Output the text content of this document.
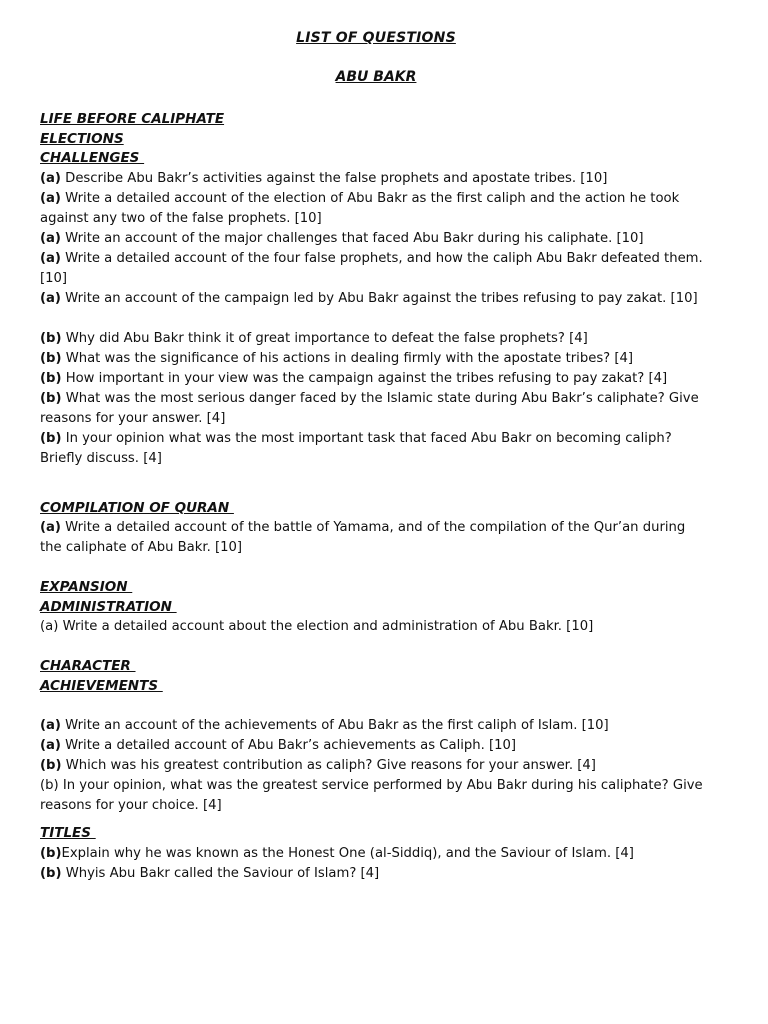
LIST OF QUESTIONS
ABU BAKR
LIFE BEFORE CALIPHATE
ELECTIONS
CHALLENGES
(a) Describe Abu Bakr’s activities against the false prophets and apostate tribes. [10]
(a) Write a detailed account of the election of Abu Bakr as the first caliph and the action he took against any two of the false prophets. [10]
(a) Write an account of the major challenges that faced Abu Bakr during his caliphate. [10]
(a) Write a detailed account of the four false prophets, and how the caliph Abu Bakr defeated them. [10]
(a) Write an account of the campaign led by Abu Bakr against the tribes refusing to pay zakat. [10]
(b) Why did Abu Bakr think it of great importance to defeat the false prophets? [4]
(b) What was the significance of his actions in dealing firmly with the apostate tribes? [4]
(b) How important in your view was the campaign against the tribes refusing to pay zakat? [4]
(b) What was the most serious danger faced by the Islamic state during Abu Bakr’s caliphate? Give reasons for your answer. [4]
(b) In your opinion what was the most important task that faced Abu Bakr on becoming caliph? Briefly discuss. [4]
COMPILATION OF QURAN
(a) Write a detailed account of the battle of Yamama, and of the compilation of the Qur’an during the caliphate of Abu Bakr. [10]
EXPANSION
ADMINISTRATION
(a) Write a detailed account about the election and administration of Abu Bakr. [10]
CHARACTER
ACHIEVEMENTS
(a) Write an account of the achievements of Abu Bakr as the first caliph of Islam. [10]
(a) Write a detailed account of Abu Bakr’s achievements as Caliph. [10]
(b) Which was his greatest contribution as caliph? Give reasons for your answer. [4]
(b) In your opinion, what was the greatest service performed by Abu Bakr during his caliphate? Give reasons for your choice. [4]
TITLES
(b)Explain why he was known as the Honest One (al-Siddiq), and the Saviour of Islam. [4]
(b) Whyis Abu Bakr called the Saviour of Islam? [4]
